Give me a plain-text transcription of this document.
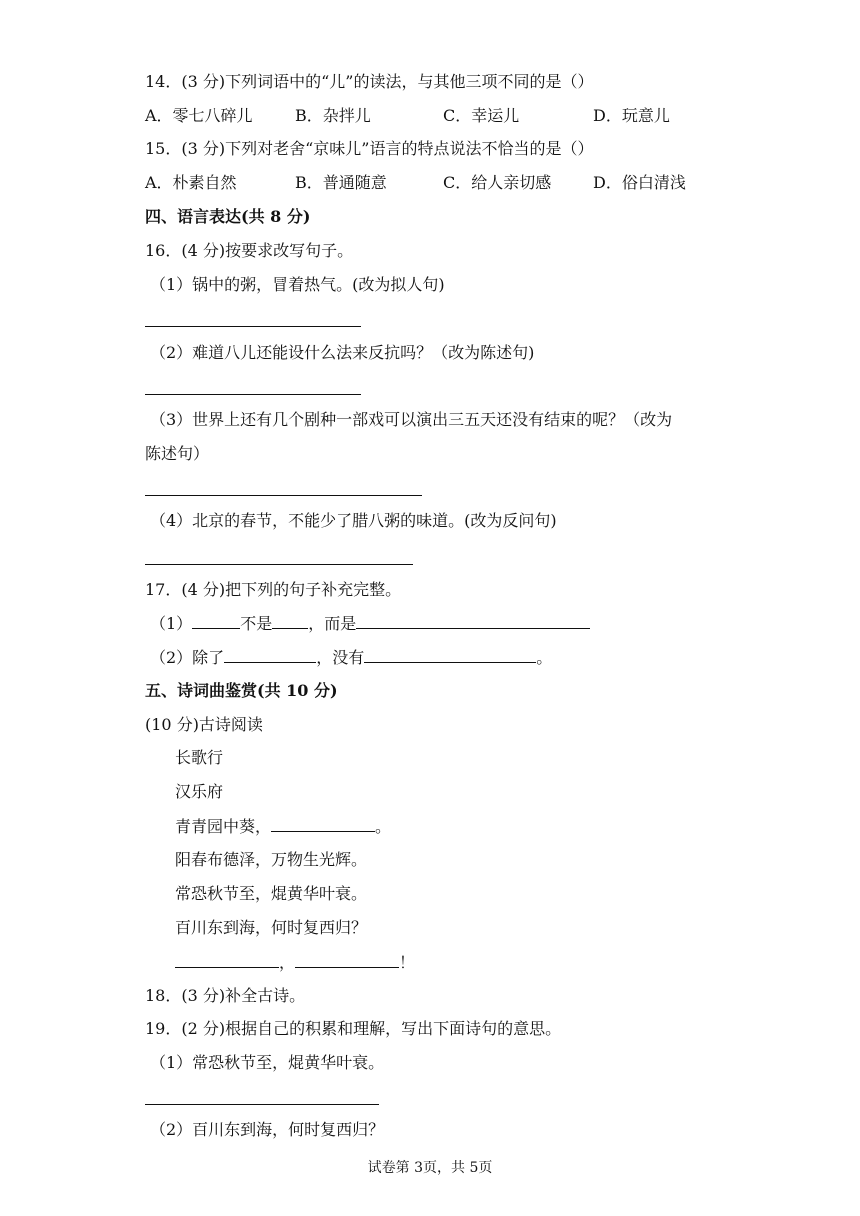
14．(3 分)下列词语中的“儿”的读法，与其他三项不同的是（）
A．零七八碎儿	B．杂拌儿	C．幸运儿	D．玩意儿
15．(3 分)下列对老舍“京味儿”语言的特点说法不恰当的是（）
A．朴素自然	B．普通随意	C．给人亲切感	D．俗白清浅
四、语言表达(共 8 分)
16．(4 分)按要求改写句子。
（1）锅中的粥，冒着热气。(改为拟人句)
（2）难道八儿还能设什么法来反抗吗？（改为陈述句)
（3）世界上还有几个剧种一部戏可以演出三五天还没有结束的呢？（改为
陈述句）
（4）北京的春节，不能少了腊八粥的味道。(改为反问句)
17．(4 分)把下列的句子补充完整。
（1）	不是 ，而是
（2）除了	，没有	。
五、诗词曲鉴赏(共 10 分)
(10 分)古诗阅读
长歌行
汉乐府
青青园中葵，	。
阳春布德泽，万物生光辉。
常恐秋节至，焜黄华叶衰。
百川东到海，何时复西归？
，	！
18．(3 分)补全古诗。
19．(2 分)根据自己的积累和理解，写出下面诗句的意思。
（1）常恐秋节至，焜黄华叶衰。
（2）百川东到海，何时复西归？
试卷第 3页，共 5页
